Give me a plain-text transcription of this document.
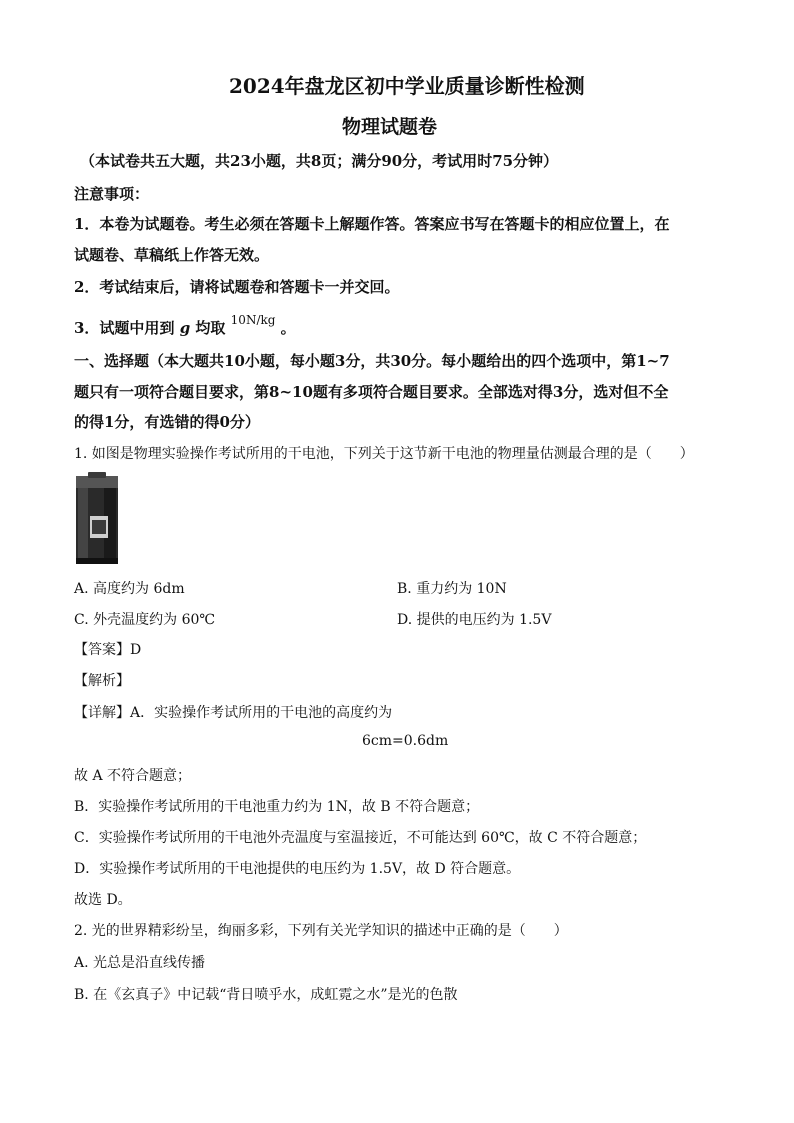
2024年盘龙区初中学业质量诊断性检测
物理试题卷
（本试卷共五大题，共23小题，共8页；满分90分，考试用时75分钟）
注意事项：
1．本卷为试题卷。考生必须在答题卡上解题作答。答案应书写在答题卡的相应位置上，在
试题卷、草稿纸上作答无效。
2．考试结束后，请将试题卷和答题卡一并交回。
3．试题中用到 g 均取 $^{10N/kg}$ 。
一、选择题（本大题共10小题，每小题3分，共30分。每小题给出的四个选项中，第1~7
题只有一项符合题目要求，第8~10题有多项符合题目要求。全部选对得3分，选对但不全
的得1分，有选错的得0分）
1. 如图是物理实验操作考试所用的干电池，下列关于这节新干电池的物理量估测最合理的是（　　）
A. 高度约为 6dm	B. 重力约为 10N
C. 外壳温度约为 60℃	D. 提供的电压约为 1.5V
【答案】D
【解析】
【详解】A．实验操作考试所用的干电池的高度约为
6cm=0.6dm
故 A 不符合题意；
B．实验操作考试所用的干电池重力约为 1N，故 B 不符合题意；
C．实验操作考试所用的干电池外壳温度与室温接近，不可能达到 60℃，故 C 不符合题意；
D．实验操作考试所用的干电池提供的电压约为 1.5V，故 D 符合题意。
故选 D。
2. 光的世界精彩纷呈，绚丽多彩，下列有关光学知识的描述中正确的是（　　）
A. 光总是沿直线传播
B. 在《玄真子》中记载“背日喷乎水，成虹霓之水”是光的色散
